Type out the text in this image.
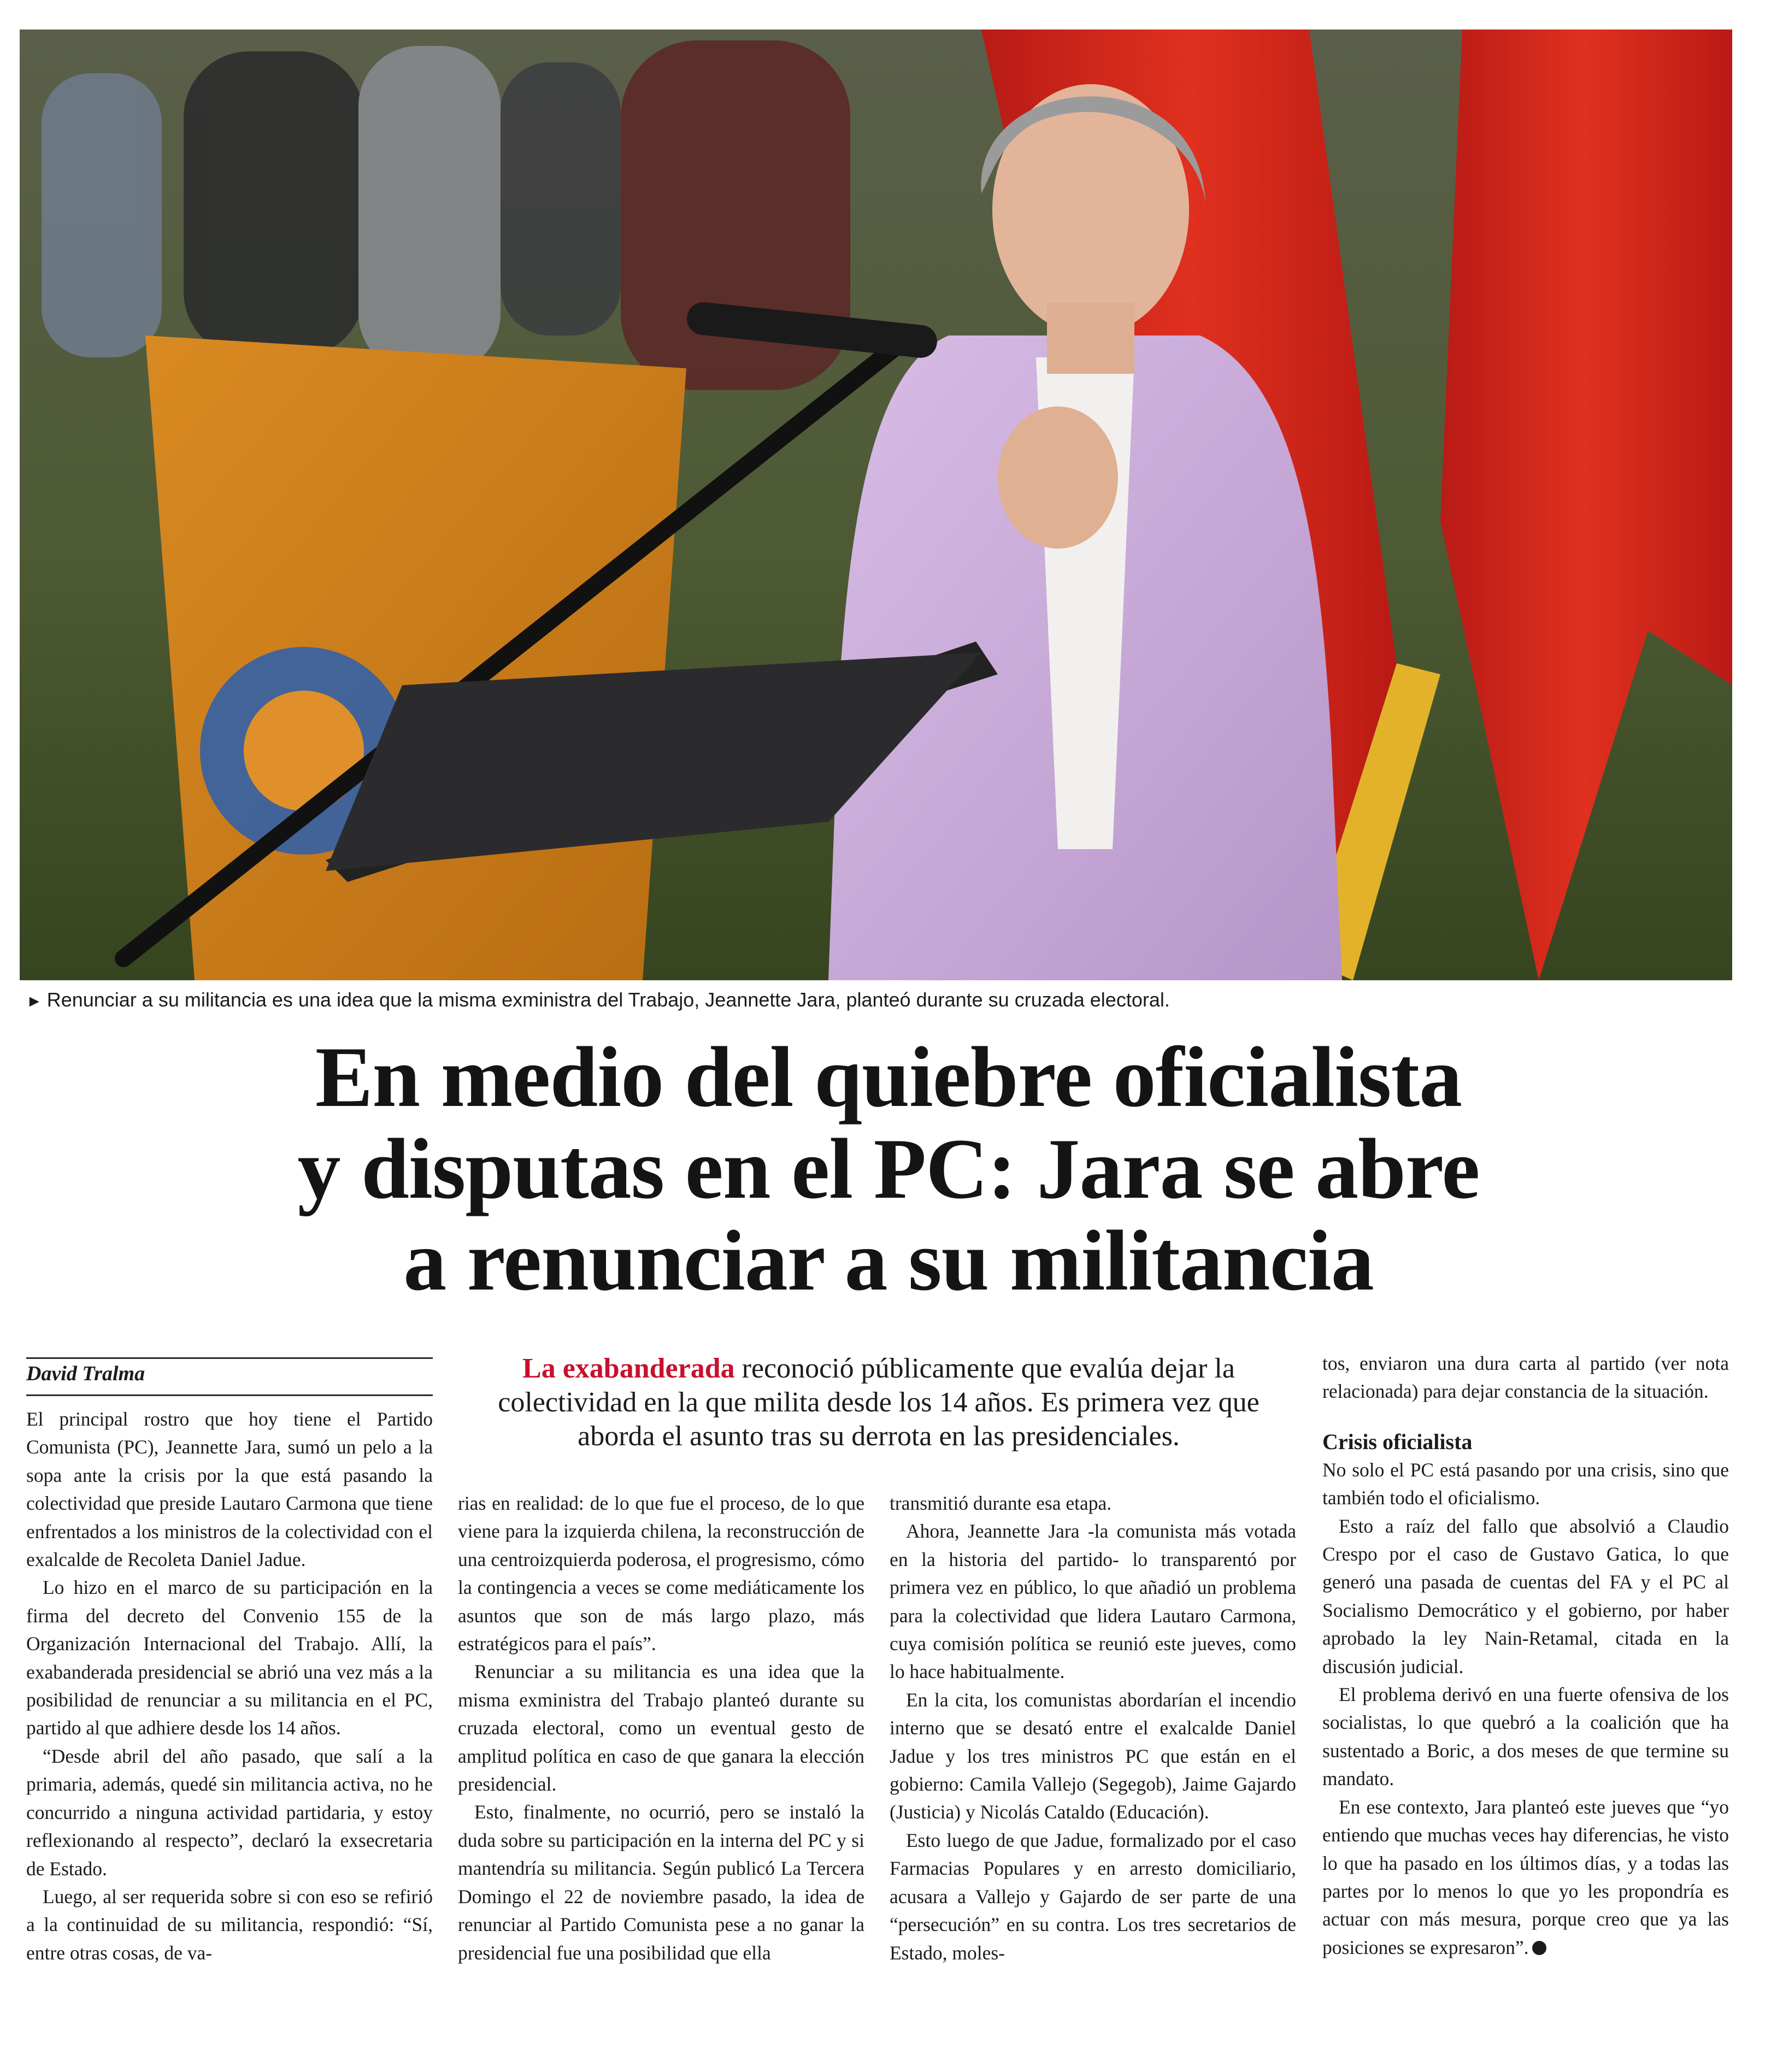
► Renunciar a su militancia es una idea que la misma exministra del Trabajo, Jeannette Jara, planteó durante su cruzada electoral.
En medio del quiebre oficialista
y disputas en el PC: Jara se abre
a renunciar a su militancia
David Tralma	La exabanderada reconoció públicamente que evalúa dejar la colectividad en la que milita desde los 14 años. Es primera vez que aborda el asunto tras su derrota en las presidenciales.

El principal rostro que hoy tiene el Partido Comunista (PC), Jeannette Jara, sumó un pelo a la sopa ante la crisis por la que está pasando la colectividad que preside Lautaro Carmona que tiene enfrentados a los ministros de la colectividad con el exalcalde de Recoleta Daniel Jadue.

Lo hizo en el marco de su participación en la firma del decreto del Convenio 155 de la Organización Internacional del Trabajo. Allí, la exabanderada presidencial se abrió una vez más a la posibilidad de renunciar a su militancia en el PC, partido al que adhiere desde los 14 años.

“Desde abril del año pasado, que salí a la primaria, además, quedé sin militancia activa, no he concurrido a ninguna actividad partidaria, y estoy reflexionando al respecto”, declaró la exsecretaria de Estado.

Luego, al ser requerida sobre si con eso se refirió a la continuidad de su militancia, respondió: “Sí, entre otras cosas, de va-

rias en realidad: de lo que fue el proceso, de lo que viene para la izquierda chilena, la reconstrucción de una centroizquierda poderosa, el progresismo, cómo la contingencia a veces se come mediáticamente los asuntos que son de más largo plazo, más estratégicos para el país”.

Renunciar a su militancia es una idea que la misma exministra del Trabajo planteó durante su cruzada electoral, como un eventual gesto de amplitud política en caso de que ganara la elección presidencial.

Esto, finalmente, no ocurrió, pero se instaló la duda sobre su participación en la interna del PC y si mantendría su militancia. Según publicó La Tercera Domingo el 22 de noviembre pasado, la idea de renunciar al Partido Comunista pese a no ganar la presidencial fue una posibilidad que ella

transmitió durante esa etapa.

Ahora, Jeannette Jara -la comunista más votada en la historia del partido- lo transparentó por primera vez en público, lo que añadió un problema para la colectividad que lidera Lautaro Carmona, cuya comisión política se reunió este jueves, como lo hace habitualmente.

En la cita, los comunistas abordarían el incendio interno que se desató entre el exalcalde Daniel Jadue y los tres ministros PC que están en el gobierno: Camila Vallejo (Segegob), Jaime Gajardo (Justicia) y Nicolás Cataldo (Educación).

Esto luego de que Jadue, formalizado por el caso Farmacias Populares y en arresto domiciliario, acusara a Vallejo y Gajardo de ser parte de una “persecución” en su contra. Los tres secretarios de Estado, moles-

tos, enviaron una dura carta al partido (ver nota relacionada) para dejar constancia de la situación.

Crisis oficialista

No solo el PC está pasando por una crisis, sino que también todo el oficialismo.

Esto a raíz del fallo que absolvió a Claudio Crespo por el caso de Gustavo Gatica, lo que generó una pasada de cuentas del FA y el PC al Socialismo Democrático y el gobierno, por haber aprobado la ley Nain-Retamal, citada en la discusión judicial.

El problema derivó en una fuerte ofensiva de los socialistas, lo que quebró a la coalición que ha sustentado a Boric, a dos meses de que termine su mandato.

En ese contexto, Jara planteó este jueves que “yo entiendo que muchas veces hay diferencias, he visto lo que ha pasado en los últimos días, y a todas las partes por lo menos lo que yo les propondría es actuar con más mesura, porque creo que ya las posiciones se expresaron”.
